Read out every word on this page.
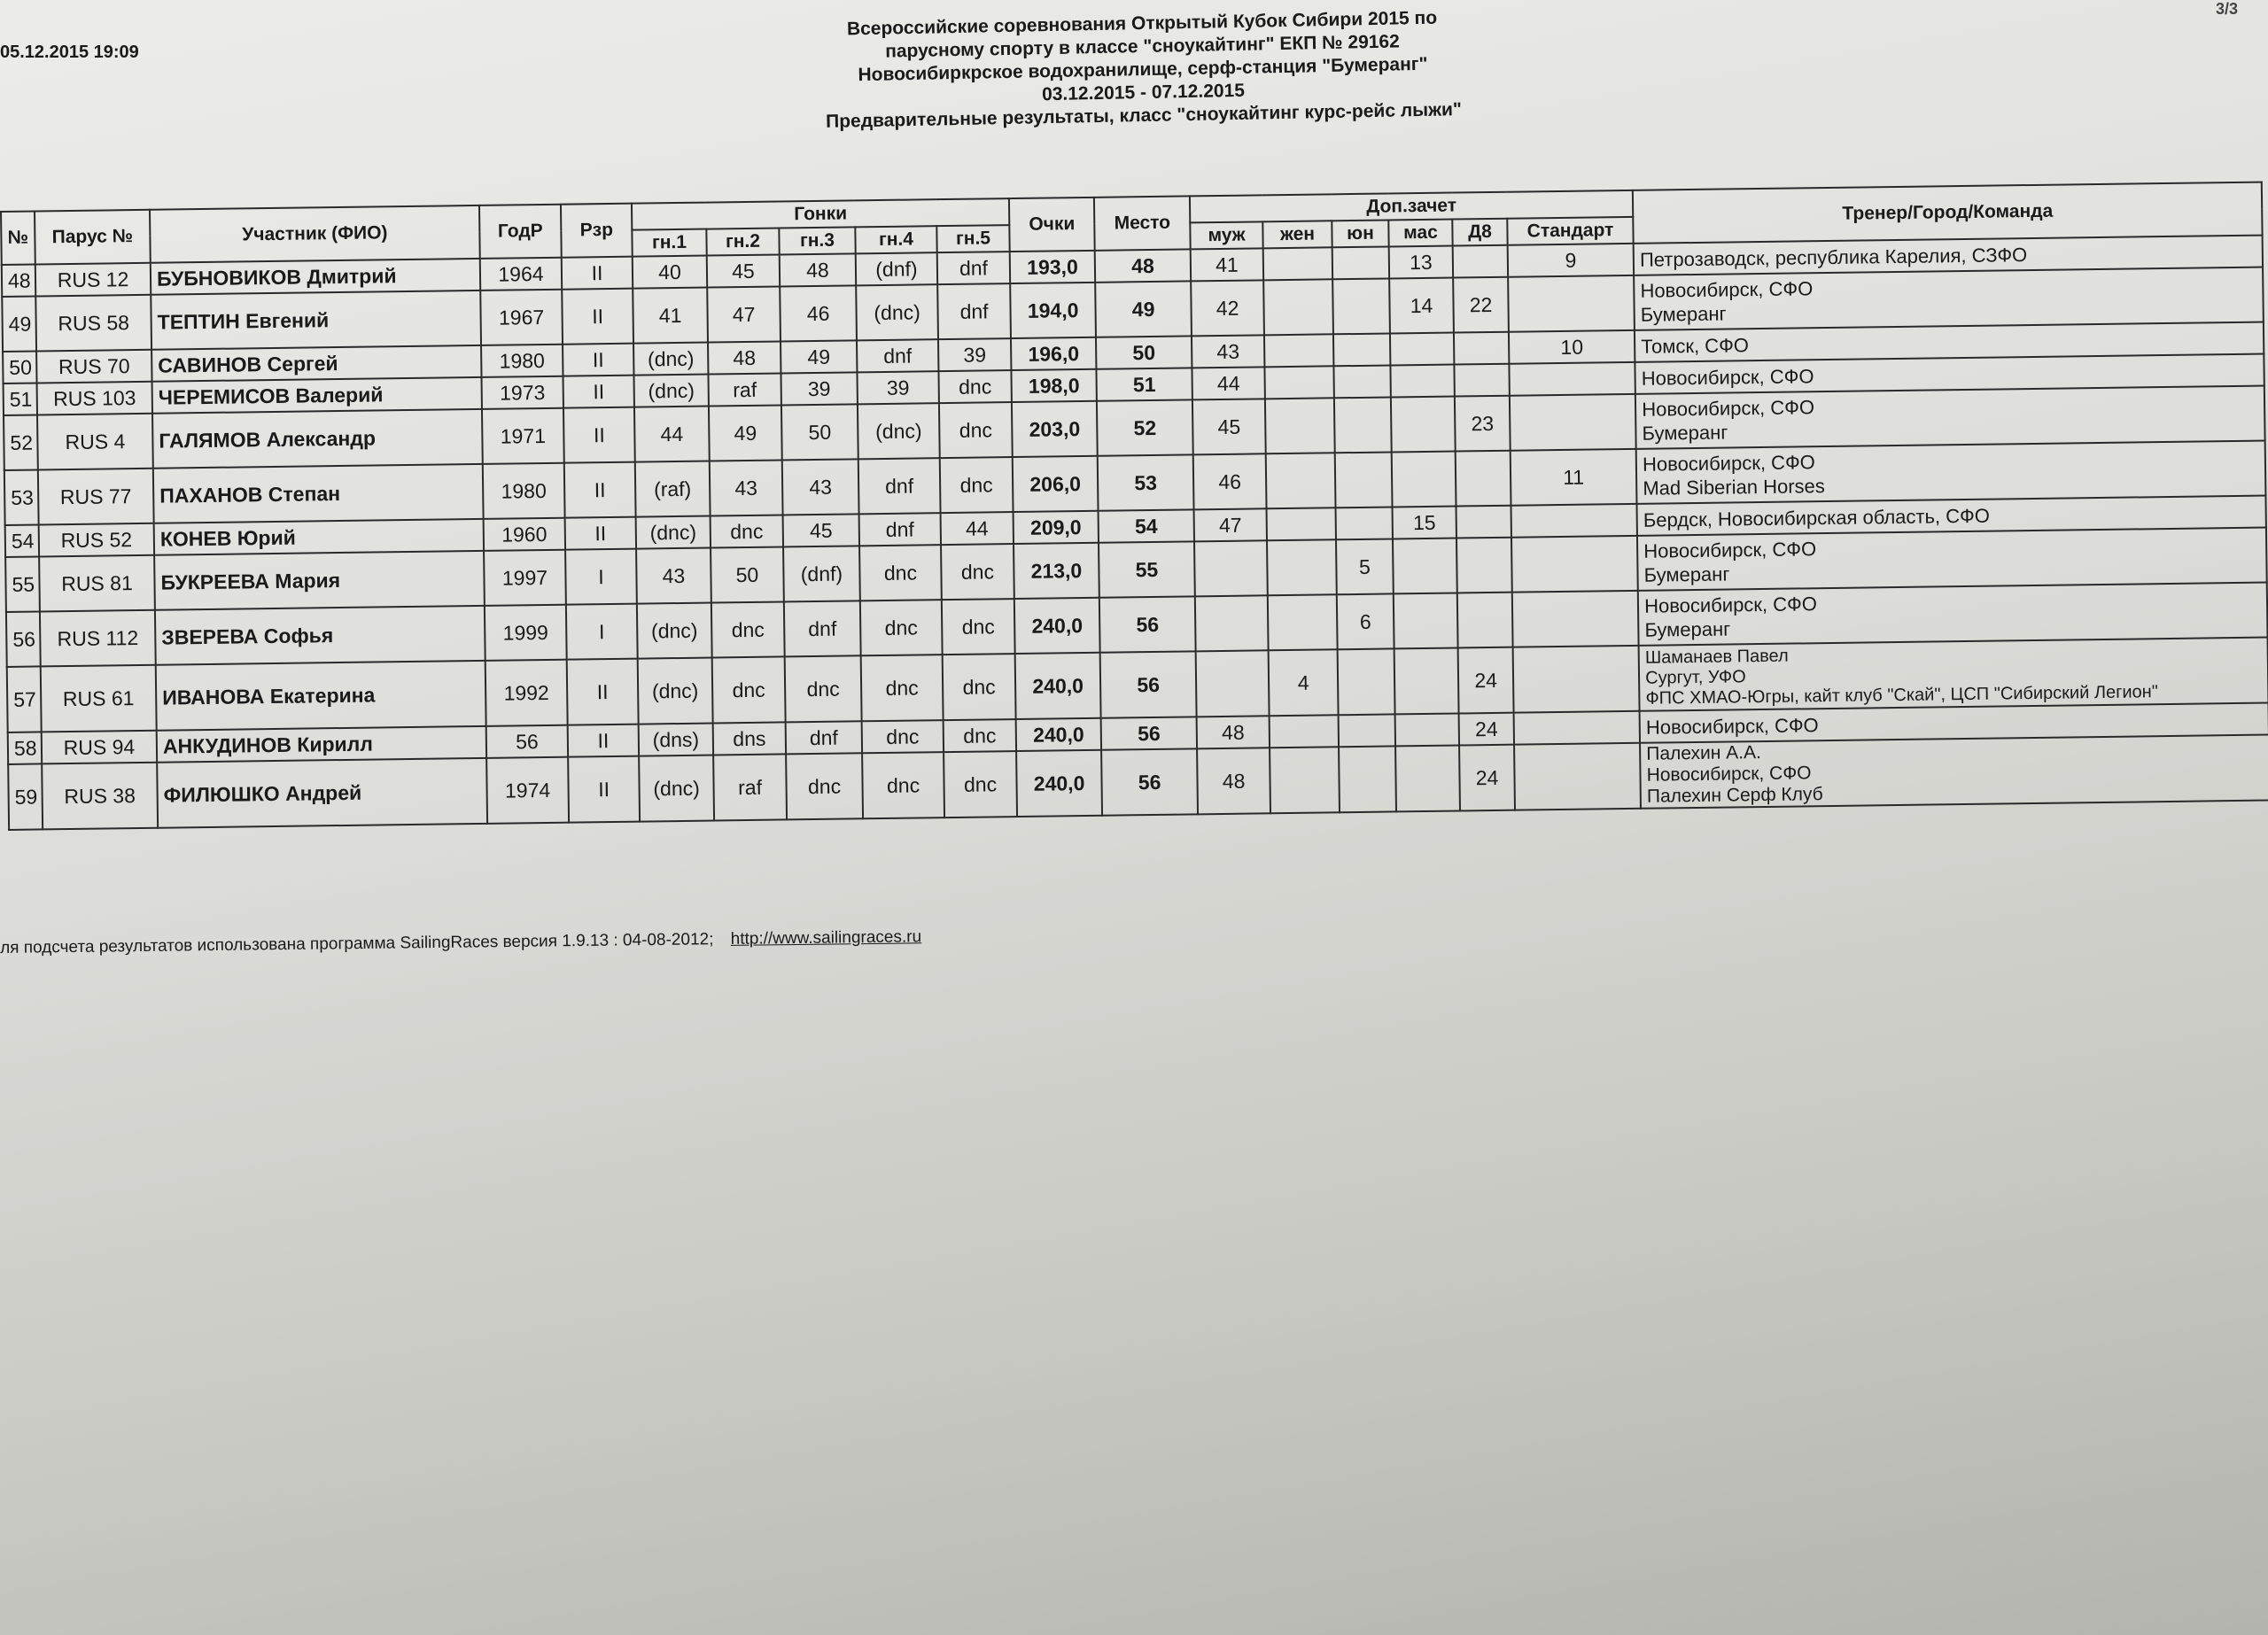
05.12.2015 19:09
3/3
Всероссийские соревнования Открытый Кубок Сибири 2015 по
парусному спорту в классе "сноукайтинг" ЕКП № 29162
Новосибиркрское водохранилище, серф-станция "Бумеранг"
03.12.2015 - 07.12.2015
Предварительные результаты, класс "сноукайтинг курс-рейс лыжи"
№	Парус №	Участник (ФИО)	ГодР	Рзр	Гонки					Очки	Место	Доп.зачет						Тренер/Город/Команда
					гн.1	гн.2	гн.3	гн.4	гн.5			муж	жен	юн	мас	Д8	Стандарт	
48	RUS 12	БУБНОВИКОВ Дмитрий	1964	II	40	45	48	(dnf)	dnf	193,0	48	41			13		9	Петрозаводск, республика Карелия, СЗФО

49	RUS 58	ТЕПТИН Евгений	1967	II	41	47	46	(dnc)	dnf	194,0	49	42			14	22		Новосибирск, СФО
Бумеранг

50	RUS 70	САВИНОВ Сергей	1980	II	(dnc)	48	49	dnf	39	196,0	50	43					10	Томск, СФО

51	RUS 103	ЧЕРЕМИСОВ Валерий	1973	II	(dnc)	raf	39	39	dnc	198,0	51	44						Новосибирск, СФО

52	RUS 4	ГАЛЯМОВ Александр	1971	II	44	49	50	(dnc)	dnc	203,0	52	45				23		Новосибирск, СФО
Бумеранг

53	RUS 77	ПАХАНОВ Степан	1980	II	(raf)	43	43	dnf	dnc	206,0	53	46					11	Новосибирск, СФО
Mad Siberian Horses

54	RUS 52	КОНЕВ Юрий	1960	II	(dnc)	dnc	45	dnf	44	209,0	54	47			15			Бердск, Новосибирская область, СФО

55	RUS 81	БУКРЕЕВА Мария	1997	I	43	50	(dnf)	dnc	dnc	213,0	55			5				Новосибирск, СФО
Бумеранг

56	RUS 112	ЗВЕРЕВА Софья	1999	I	(dnc)	dnc	dnf	dnc	dnc	240,0	56			6				Новосибирск, СФО
Бумеранг

57	RUS 61	ИВАНОВА Екатерина	1992	II	(dnc)	dnc	dnc	dnc	dnc	240,0	56		4			24		Шаманаев Павел
Сургут, УФО
ФПС ХМАО-Югры, кайт клуб "Скай", ЦСП "Сибирский Легион"

58	RUS 94	АНКУДИНОВ Кирилл	56	II	(dns)	dns	dnf	dnc	dnc	240,0	56	48				24		Новосибирск, СФО

59	RUS 38	ФИЛЮШКО Андрей	1974	II	(dnc)	raf	dnc	dnc	dnc	240,0	56	48				24		Палехин А.А.
Новосибирск, СФО
Палехин Серф Клуб
ля подсчета результатов использована программа SailingRaces версия 1.9.13 : 04-08-2012; http://www.sailingraces.ru
